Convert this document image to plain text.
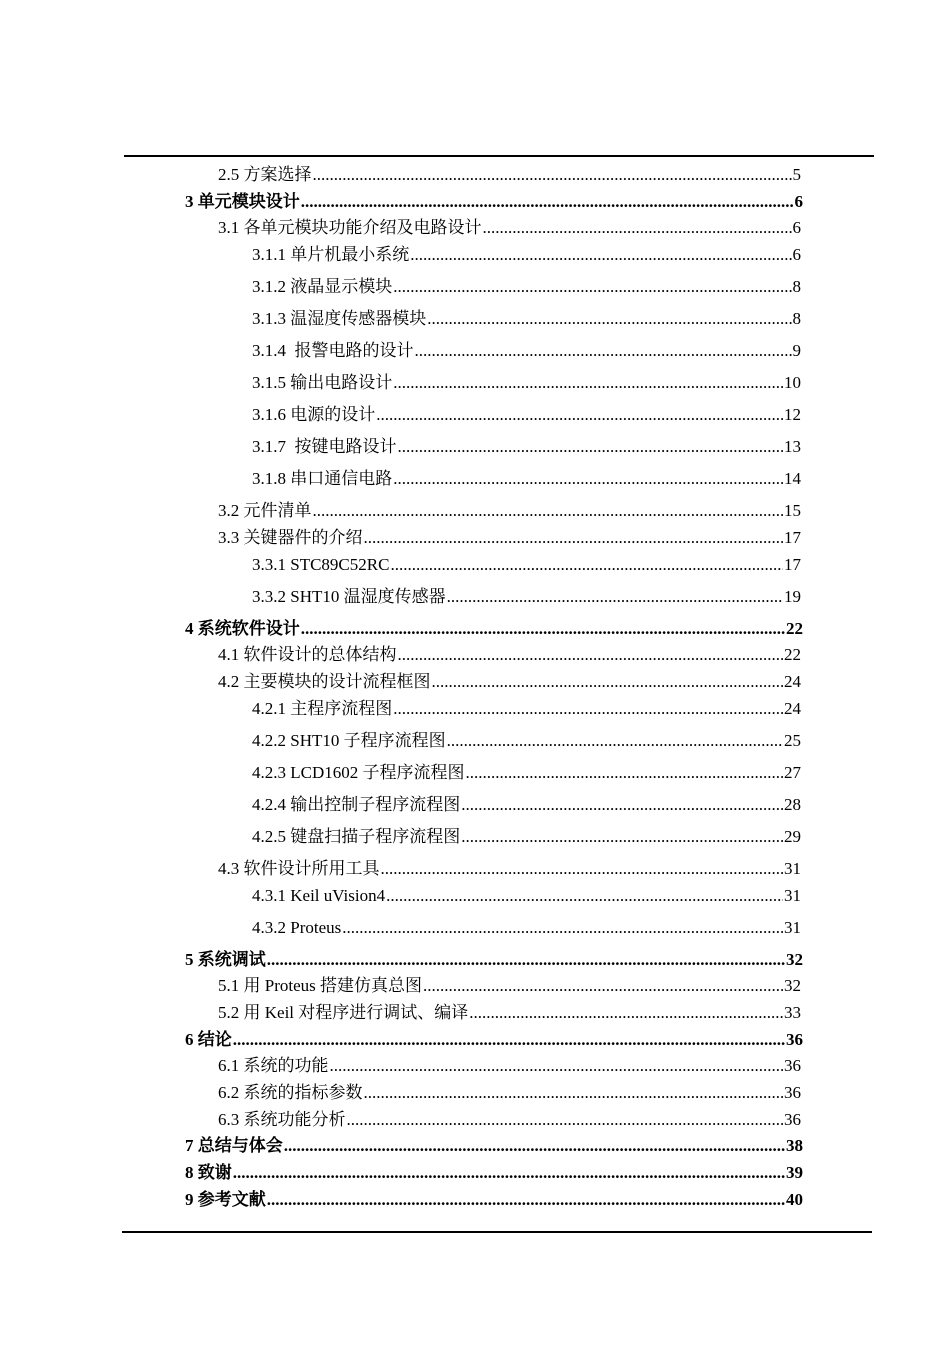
2.5 方案选择 .....	5
3 单元模块设计 .....	6
3.1 各单元模块功能介绍及电路设计 .....	6
3.1.1 单片机最小系统 .....	6
3.1.2 液晶显示模块 .....	8
3.1.3 温湿度传感器模块 .....	8
3.1.4  报警电路的设计 .....	9
3.1.5 输出电路设计 .....	10
3.1.6 电源的设计 .....	12
3.1.7  按键电路设计 .....	13
3.1.8 串口通信电路 .....	14
3.2 元件清单 .....	15
3.3 关键器件的介绍 .....	17
3.3.1 STC89C52RC .....	17
3.3.2 SHT10 温湿度传感器 .....	19
4 系统软件设计 .....	22
4.1 软件设计的总体结构 .....	22
4.2 主要模块的设计流程框图 .....	24
4.2.1 主程序流程图 .....	24
4.2.2 SHT10 子程序流程图 .....	25
4.2.3 LCD1602 子程序流程图 .....	27
4.2.4 输出控制子程序流程图 .....	28
4.2.5 键盘扫描子程序流程图 .....	29
4.3 软件设计所用工具 .....	31
4.3.1 Keil uVision4 .....	31
4.3.2 Proteus .....	31
5 系统调试 .....	32
5.1 用 Proteus 搭建仿真总图 .....	32
5.2 用 Keil 对程序进行调试、编译 .....	33
6 结论 .....	36
6.1 系统的功能 .....	36
6.2 系统的指标参数 .....	36
6.3 系统功能分析 .....	36
7 总结与体会 .....	38
8 致谢 .....	39
9 参考文献 .....	40
